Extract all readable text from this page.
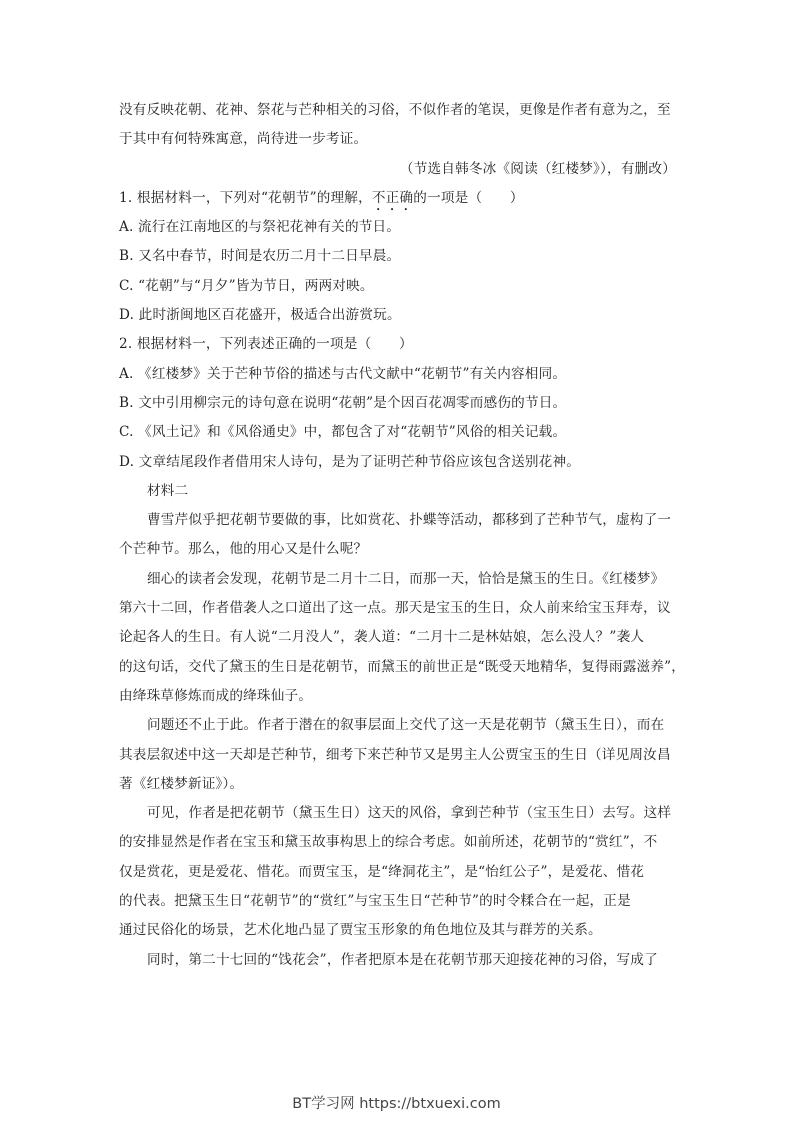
没有反映花朝、花神、祭花与芒种相关的习俗，不似作者的笔误，更像是作者有意为之，至
于其中有何特殊寓意，尚待进一步考证。
（节选自韩冬冰《阅读（红楼梦》），有删改）
1. 根据材料一，下列对“花朝节”的理解，不正确的一项是（　　）
A. 流行在江南地区的与祭祀花神有关的节日。
B. 又名中春节，时间是农历二月十二日早晨。
C. “花朝”与“月夕”皆为节日，两两对映。
D. 此时浙闽地区百花盛开，极适合出游赏玩。
2. 根据材料一，下列表述正确的一项是（　　）
A. 《红楼梦》关于芒种节俗的描述与古代文献中“花朝节”有关内容相同。
B. 文中引用柳宗元的诗句意在说明“花朝”是个因百花凋零而感伤的节日。
C. 《风土记》和《风俗通史》中，都包含了对“花朝节”风俗的相关记载。
D. 文章结尾段作者借用宋人诗句，是为了证明芒种节俗应该包含送别花神。
材料二
曹雪芹似乎把花朝节要做的事，比如赏花、扑蝶等活动，都移到了芒种节气，虚构了一
个芒种节。那么，他的用心又是什么呢？
细心的读者会发现，花朝节是二月十二日，而那一天，恰恰是黛玉的生日。《红楼梦》
第六十二回，作者借袭人之口道出了这一点。那天是宝玉的生日，众人前来给宝玉拜寿，议
论起各人的生日。有人说“二月没人”，袭人道：“二月十二是林姑娘，怎么没人？”袭人
的这句话，交代了黛玉的生日是花朝节，而黛玉的前世正是“既受天地精华，复得雨露滋养”，
由绛珠草修炼而成的绛珠仙子。
问题还不止于此。作者于潜在的叙事层面上交代了这一天是花朝节（黛玉生日），而在
其表层叙述中这一天却是芒种节，细考下来芒种节又是男主人公贾宝玉的生日（详见周汝昌
著《红楼梦新证》）。
可见，作者是把花朝节（黛玉生日）这天的风俗，拿到芒种节（宝玉生日）去写。这样
的安排显然是作者在宝玉和黛玉故事构思上的综合考虑。如前所述，花朝节的“赏红”，不
仅是赏花，更是爱花、惜花。而贾宝玉，是“绛洞花主”，是“怡红公子”，是爱花、惜花
的代表。把黛玉生日“花朝节”的“赏红”与宝玉生日“芒种节”的时令糅合在一起，正是
通过民俗化的场景，艺术化地凸显了贾宝玉形象的角色地位及其与群芳的关系。
同时，第二十七回的“饯花会”，作者把原本是在花朝节那天迎接花神的习俗，写成了
BT学习网 https://btxuexi.com
